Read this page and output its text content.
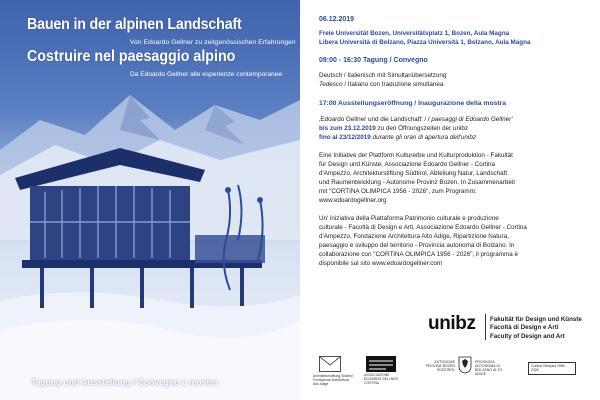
Bauen in der alpinen Landschaft
Von Edoardo Gellner zu zeitgenössischen Erfahrungen
Costruire nel paesaggio alpino
Da Edoardo Gellner alle esperienze contemporanee
Tagung und Ausstellung / Convegno e mostra

06.12.2019

Freie Universität Bozen, Universitätsplatz 1, Bozen, Aula Magna

Libera Università di Bolzano, Piazza Università 1, Bolzano, Aula Magna

09:00 - 16:30 Tagung / Convegno

Deutsch / Italienisch mit Simultanübersetzung

Tedesco / Italiano con traduzione simultanea

17:00 Ausstellungseröffnung / Inaugurazione della mostra

‚Edoardo Gellner und die Landschaft‘ / I paesaggi di Edoardo Gellner‘

bis zum 23.12.2019 zu den Öffnungszeiten der unibz

fino al 23/12/2019 durante gli orari di apertura dell'unibz

Eine Initiative der Plattform Kulturerbe und Kulturproduktion - Fakultät

für Design und Künste, Associazione Edoardo Gellner - Cortina

d'Ampezzo, Architekturstiftung Südtirol, Abteilung Natur, Landschaft

und Raumentwicklung - Autonome Provinz Bozen. In Zusammenarbeit

mit "CORTINA OLIMPICA 1956 - 2026", zum Programm:

www.edoardogellner.org

Un' iniziativa della Piattaforma Patrimonio culturale e produzione

culturale - Facoltà di Design e Arti, Associazione Edoardo Gellner - Cortina

d'Ampezzo, Fondazione Architettura Alto Adige, Ripartizione Natura,

paesaggio e sviluppo del territorio - Provincia autonoma di Bolzano. In

collaborazione con "CORTINA OLIMPICA 1956 - 2026", il programma è

disponibile sul sito www.edoardogellner.com

unibz Fakultät für Design und Künste
Facoltà di Design e Arti
Faculty of Design and Art
Architekturstiftung Südtirol Fondazione Architettura Alto Adige
ASSOCIAZIONE EDOARDO GELLNER CORTINA
AUTONOME PROVINZ BOZEN SÜDTIROL
PROVINCIA AUTONOMA DI BOLZANO ALTO ADIGE
Cortina Olimpica 1956 - 2026
